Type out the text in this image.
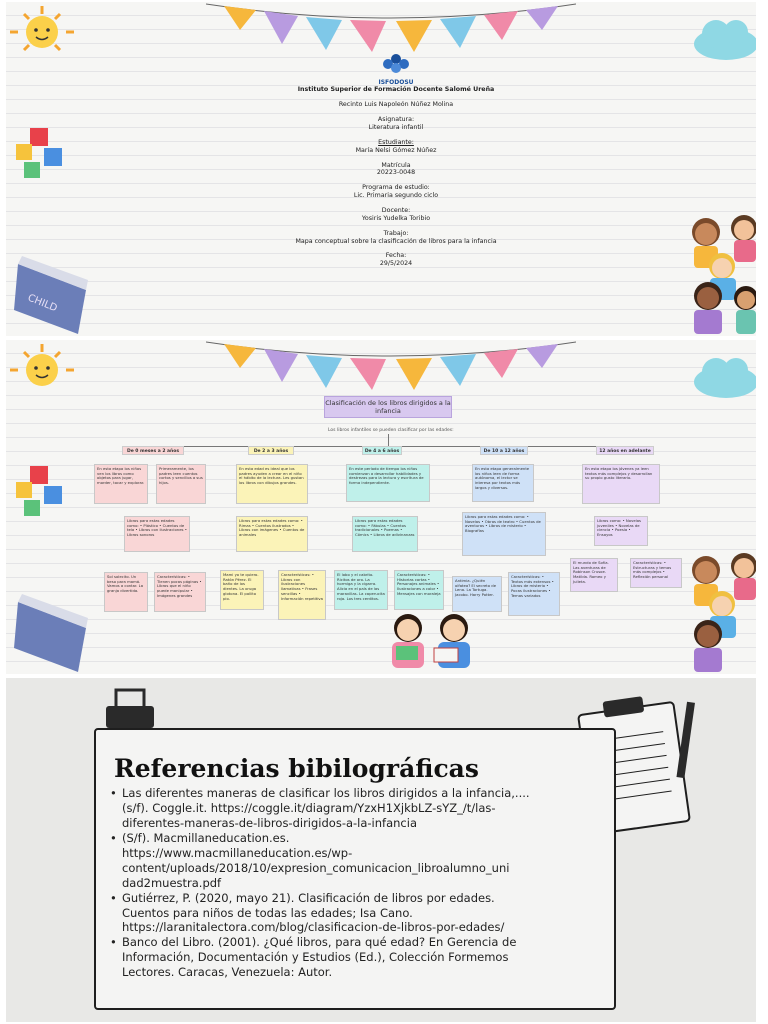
CHILD
ISFODOSU
Instituto Superior de Formación Docente Salomé Ureña
Recinto Luis Napoleón Núñez Molina
Asignatura:
Literatura infantil
Estudiante:
María Nelsi Gómez Núñez
Matrícula
20223-0048
Programa de estudio:
Lic. Primaria segundo ciclo
Docente:
Yosiris Yudelka Toribio
Trabajo:
Mapa conceptual sobre la clasificación de libros para la infancia
Fecha:
29/5/2024
Clasificación de los libros dirigidos a la infancia
Los libros infantiles se pueden clasificar por las edades:
De 0 meses a 2 años	De 2 a 3 años	De 4 a 6 años	De 10 a 12 años	12 años en adelante
En esta etapa los niños ven los libros como objetos para jugar, morder, tocar y explorar.
Primeramente, los padres leen cuentos cortos y sencillos a sus hijos.
En esta edad es ideal que los padres ayuden a crear en el niño el hábito de la lectura. Les gustan los libros con dibujos grandes.
En este período de tiempo los niños comienzan a desarrollar habilidades y destrezas para la lectura y escritura de forma independiente.
En esta etapa generalmente los niños leen de forma autónoma, el lector se interesa por textos más largos y diversos.
En esta etapa los jóvenes ya leen textos más complejos y desarrollan su propio gusto literario.
Libros para estas edades como: • Plástico • Cuentos de tela • Libros con ilustraciones • Libros sonoros
Libros para estas edades como: • Rimas • Cuentos ilustrados • Libros con imágenes • Cuentos de animales
Libros para estas edades como: • Fábulas • Cuentos tradicionales • Poemas • Cómics • Libros de adivinanzas
Libros para estas edades como: • Novelas • Obras de teatro • Cuentos de aventuras • Libros de misterio • Biografías
Libros como: • Novelas juveniles • Novelas de ciencia • Poesía • Ensayos
Sol solecito. Un beso para mamá. Vamos a contar. La granja divertida.
Características: • Tienen pocas páginas • Libros que el niño puede manipular • Imágenes grandes
Mami yo te quiero. Ratón Pérez. El baño de los dientes. La oruga glotona. El pollito pio.
Características: • Libros con ilustraciones llamativas • Frases sencillas • Información repetitiva
El lobo y el cabrito. Ricitos de oro. La hormiga y la cigarra. Alicia en el país de las maravillas. La caperucita roja. Los tres cerditos.
Características: • Historias cortas • Personajes animales • Ilustraciones a color • Mensajes con moraleja
Antimia. ¿Quién olfatea? El secreto de Lena. La Tortuga. Jacobo. Harry Potter.
Características: • Textos más extensos • Libros de misterio • Pocas ilustraciones • Temas variados
El mundo de Sofía. Las aventuras de Robinson Crusoe. Matilda. Romeo y Julieta.
Características: • Estructuras y temas más complejos • Reflexión personal
Referencias bibilográficas
• Las diferentes maneras de clasificar los libros dirigidos a la infancia,....
(s/f). Coggle.it. https://coggle.it/diagram/YzxH1XjkbLZ-sYZ_/t/las-
diferentes-maneras-de-libros-dirigidos-a-la-infancia
• (S/f). Macmillaneducation.es.
https://www.macmillaneducation.es/wp-
content/uploads/2018/10/expresion_comunicacion_libroalumno_uni
dad2muestra.pdf
• Gutiérrez, P. (2020, mayo 21). Clasificación de libros por edades.
Cuentos para niños de todas las edades; Isa Cano.
https://laranitalectora.com/blog/clasificacion-de-libros-por-edades/
• Banco del Libro. (2001). ¿Qué libros, para qué edad? En Gerencia de
Información, Documentación y Estudios (Ed.), Colección Formemos
Lectores. Caracas, Venezuela: Autor.
